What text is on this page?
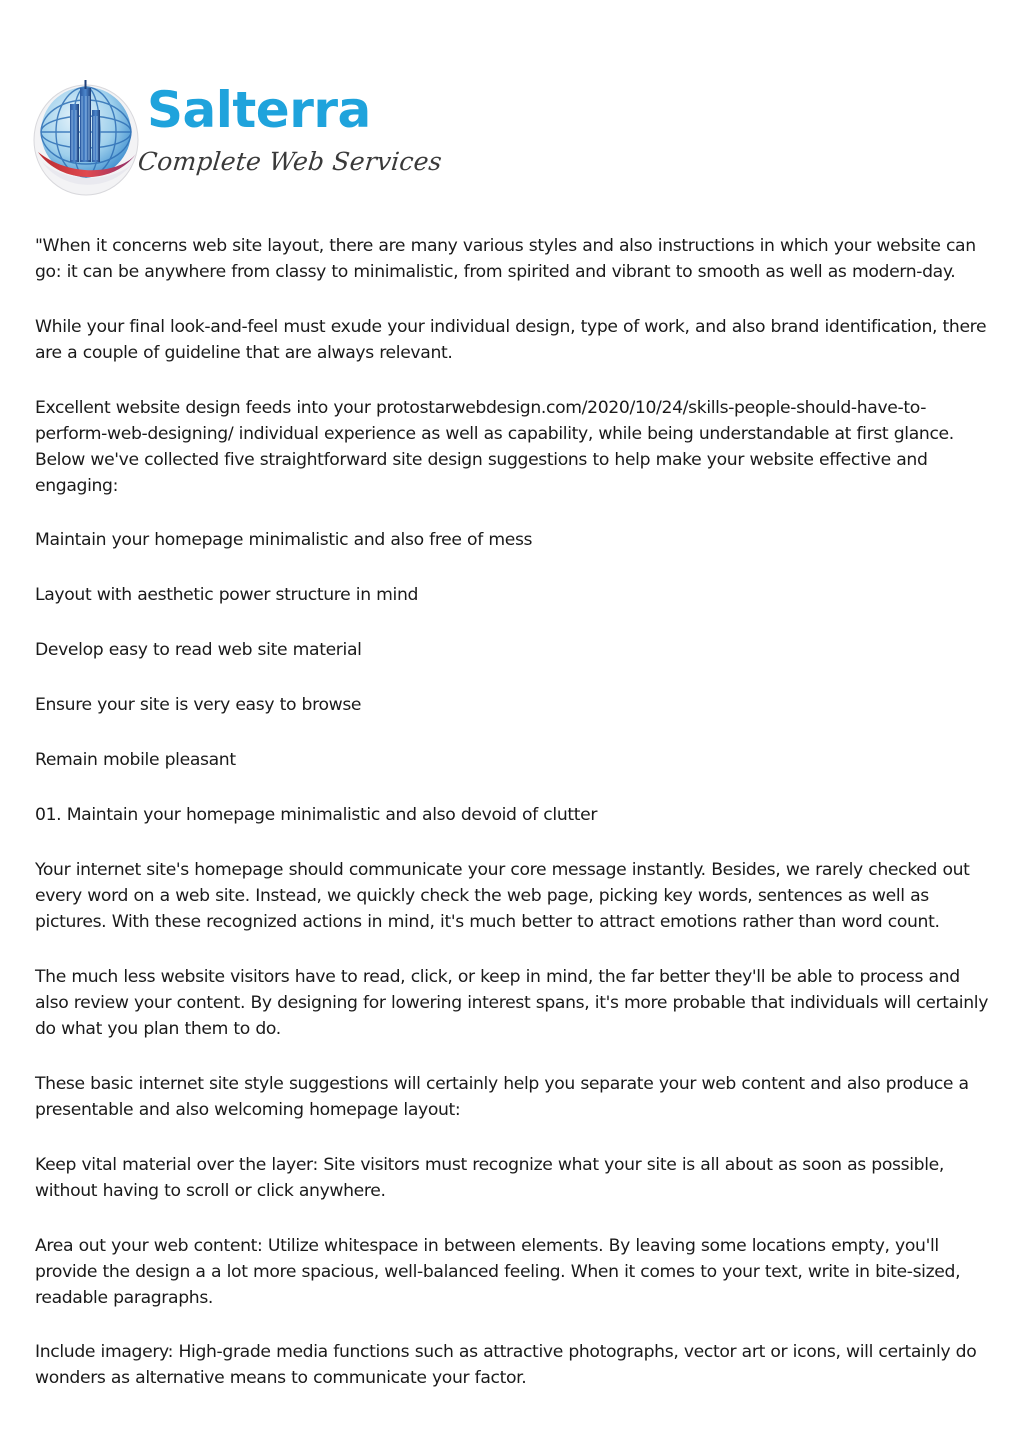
Salterra
Complete Web Services

"When it concerns web site layout, there are many various styles and also instructions in which your website can go: it can be anywhere from classy to minimalistic, from spirited and vibrant to smooth as well as modern-day.

While your final look-and-feel must exude your individual design, type of work, and also brand identification, there are a couple of guideline that are always relevant.

Excellent website design feeds into your protostarwebdesign.com/2020/10/24/skills-people-should-have-to-perform-web-designing/ individual experience as well as capability, while being understandable at first glance. Below we've collected five straightforward site design suggestions to help make your website effective and engaging:

Maintain your homepage minimalistic and also free of mess

Layout with aesthetic power structure in mind

Develop easy to read web site material

Ensure your site is very easy to browse

Remain mobile pleasant

01. Maintain your homepage minimalistic and also devoid of clutter

Your internet site's homepage should communicate your core message instantly. Besides, we rarely checked out every word on a web site. Instead, we quickly check the web page, picking key words, sentences as well as pictures. With these recognized actions in mind, it's much better to attract emotions rather than word count.

The much less website visitors have to read, click, or keep in mind, the far better they'll be able to process and also review your content. By designing for lowering interest spans, it's more probable that individuals will certainly do what you plan them to do.

These basic internet site style suggestions will certainly help you separate your web content and also produce a presentable and also welcoming homepage layout:

Keep vital material over the layer: Site visitors must recognize what your site is all about as soon as possible, without having to scroll or click anywhere.

Area out your web content: Utilize whitespace in between elements. By leaving some locations empty, you'll provide the design a a lot more spacious, well-balanced feeling. When it comes to your text, write in bite-sized, readable paragraphs.

Include imagery: High-grade media functions such as attractive photographs, vector art or icons, will certainly do wonders as alternative means to communicate your factor.
